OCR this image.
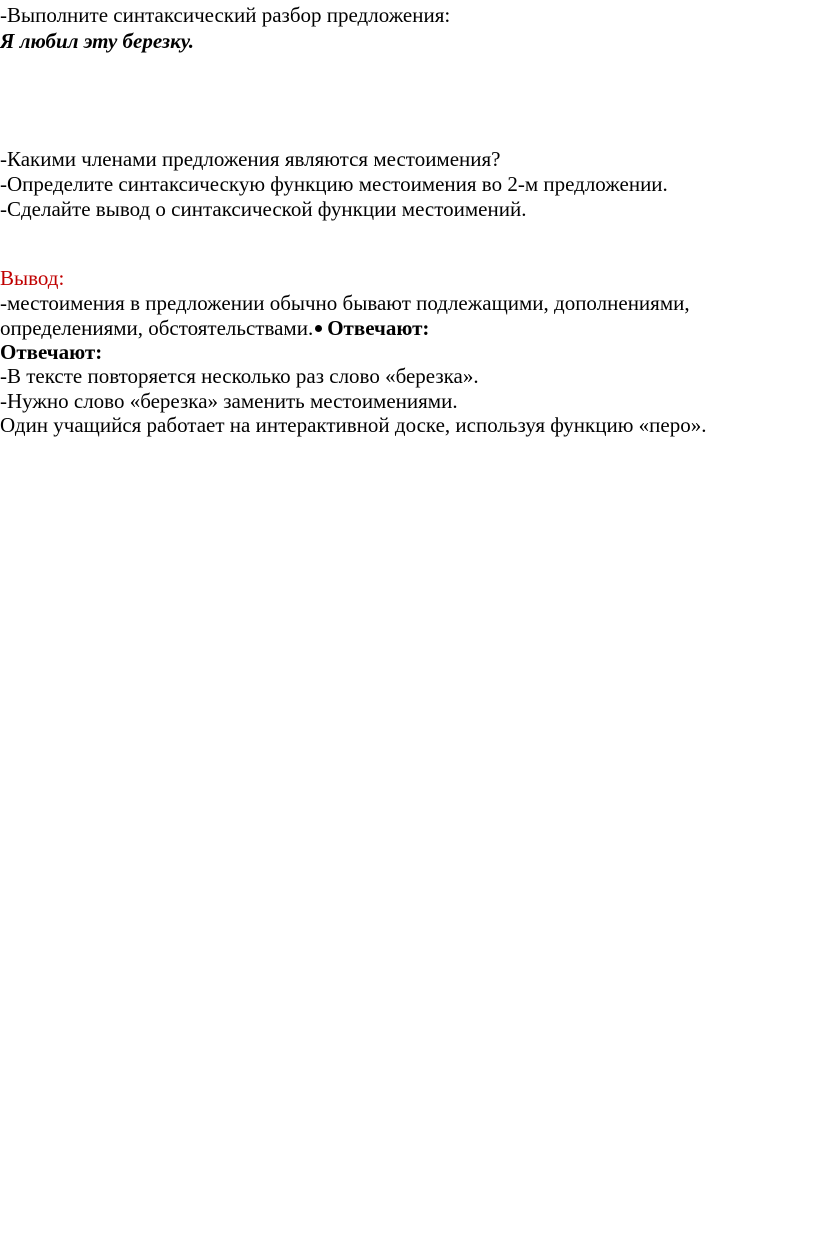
-Выполните синтаксический разбор предложения:
Я любил эту березку.
-Какими членами предложения являются местоимения?
-Определите синтаксическую функцию местоимения во 2-м предложении.
-Сделайте вывод о синтаксической функции местоимений.
Вывод:
-местоимения в предложении обычно бывают подлежащими, дополнениями,
определениями, обстоятельствами. Отвечают:
Отвечают:
-В тексте повторяется несколько раз слово «березка».
-Нужно слово «березка» заменить местоимениями.
Один учащийся работает на интерактивной доске, используя функцию «перо».
